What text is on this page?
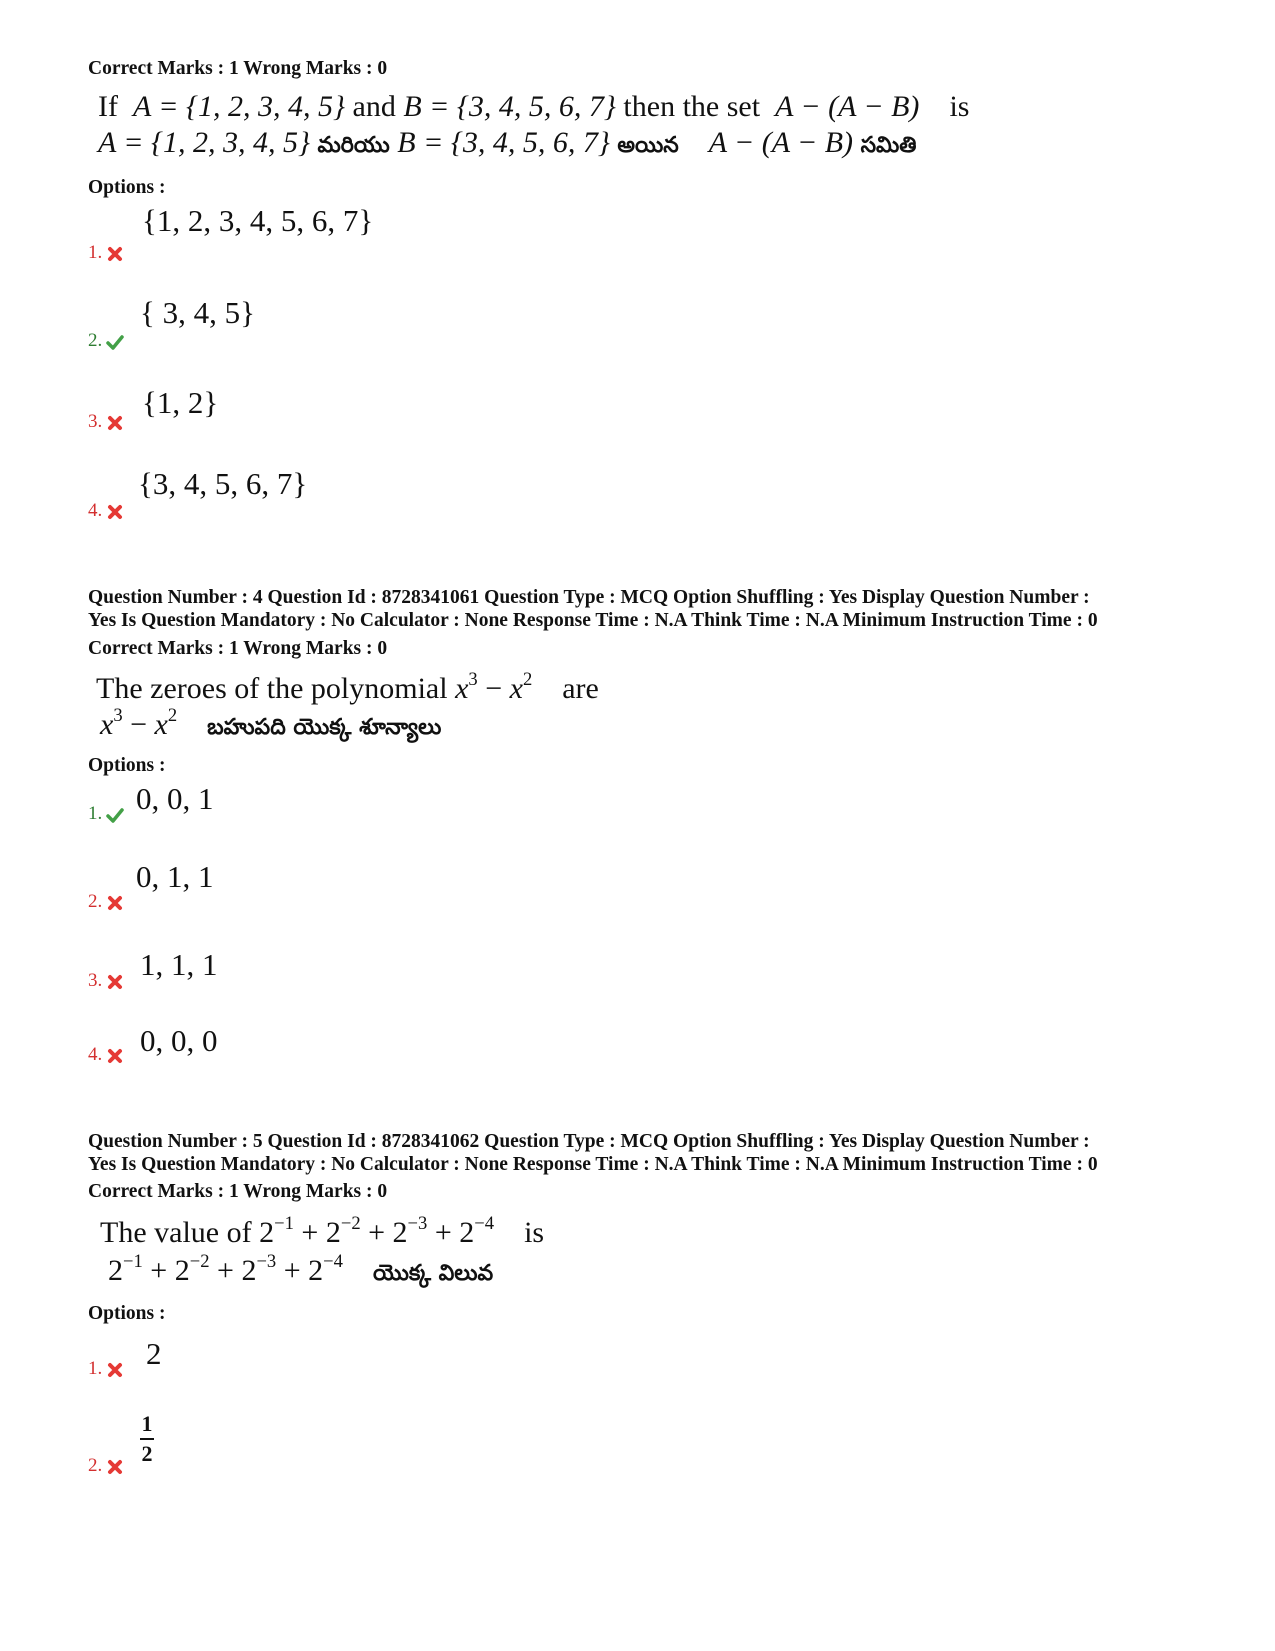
Correct Marks : 1 Wrong Marks : 0
If A = {1, 2, 3, 4, 5} and B = {3, 4, 5, 6, 7} then the set A − (A − B) is
A = {1, 2, 3, 4, 5} మరియు B = {3, 4, 5, 6, 7} అయిన A − (A − B) సమితి
Options :
{1, 2, 3, 4, 5, 6, 7}
1.
{ 3, 4, 5}
2.
{1, 2}
3.
{3, 4, 5, 6, 7}
4.
Question Number : 4 Question Id : 8728341061 Question Type : MCQ Option Shuffling : Yes Display Question Number :
Yes Is Question Mandatory : No Calculator : None Response Time : N.A Think Time : N.A Minimum Instruction Time : 0
Correct Marks : 1 Wrong Marks : 0
The zeroes of the polynomial $x^3 - x^2$ are
$x^3 - x^2$ బహుపది యొక్క శూన్యాలు
Options :
0, 0, 1
1.
0, 1, 1
2.
1, 1, 1
3.
0, 0, 0
4.
Question Number : 5 Question Id : 8728341062 Question Type : MCQ Option Shuffling : Yes Display Question Number :
Yes Is Question Mandatory : No Calculator : None Response Time : N.A Think Time : N.A Minimum Instruction Time : 0
Correct Marks : 1 Wrong Marks : 0
The value of $2^{-1} + 2^{-2} + 2^{-3} + 2^{-4}$ is
$2^{-1} + 2^{-2} + 2^{-3} + 2^{-4}$ యొక్క విలువ
Options :
2
1.
$\frac{1}{2}$
2.
